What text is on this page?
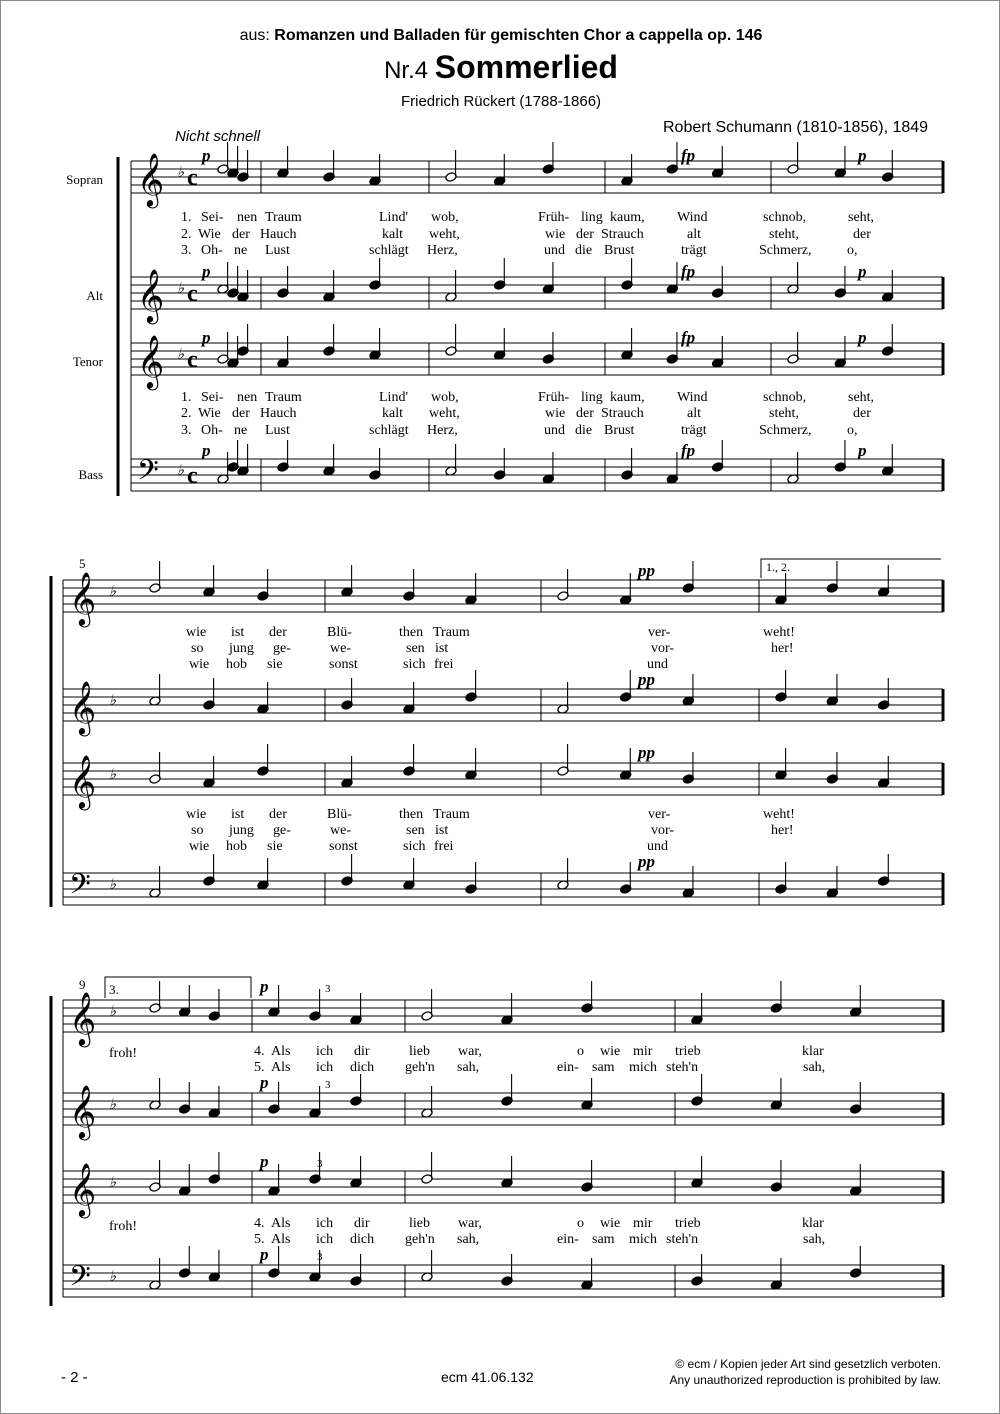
aus: Romanzen und Balladen für gemischten Chor a cappella op. 146
Nr.4 Sommerlied
Friedrich Rückert (1788-1866)
Robert Schumann (1810-1856), 1849
Nicht schnell
𝄞 ♭ c
𝄞 ♭ c
𝄞 ♭ c
𝄢 ♭ c
𝄞 ♭
𝄞 ♭
𝄞 ♭
𝄢 ♭
𝄞 ♭
𝄞 ♭
𝄞 ♭
𝄢 ♭
Sopran
Alt
Tenor
Bass
p	fp	p
p	fp	p
p	fp	p
p	fp	p
1. Sei- nen Traum	Lind' wob,	Früh- ling kaum, Wind	schnob,	seht,
2. Wie der Hauch	kalt weht,	wie der Strauch	alt	steht,	der
3. Oh- ne Lust	schlägt Herz,	und die Brust	trägt	Schmerz,	o,
1. Sei- nen Traum	Lind' wob,	Früh- ling kaum, Wind	schnob,	seht,
2. Wie der Hauch	kalt weht,	wie der Strauch	alt	steht,	der
3. Oh- ne Lust	schlägt Herz,	und die Brust	trägt	Schmerz,	o,
5	1., 2.
pp
pp
pp
pp
wie ist der	Blü-	then Traum	ver-	weht!
so jung ge-	we-	sen ist	vor-	her!
wie hob sie	sonst	sich frei	und
wie ist der	Blü-	then Traum	ver-	weht!
so jung ge-	we-	sen ist	vor-	her!
wie hob sie	sonst	sich frei	und
9 3.	p
p
p
p
3
3
3
3
froh!
froh!
4. Als ich dir	lieb war,	o wie mir trieb	klar
5. Als ich dich geh'n sah,	ein- sam mich steh'n	sah,
4. Als ich dir	lieb war,	o wie mir trieb	klar
5. Als ich dich geh'n sah,	ein- sam mich steh'n	sah,
- 2 -	ecm 41.06.132
© ecm / Kopien jeder Art sind gesetzlich verboten.
Any unauthorized reproduction is prohibited by law.
